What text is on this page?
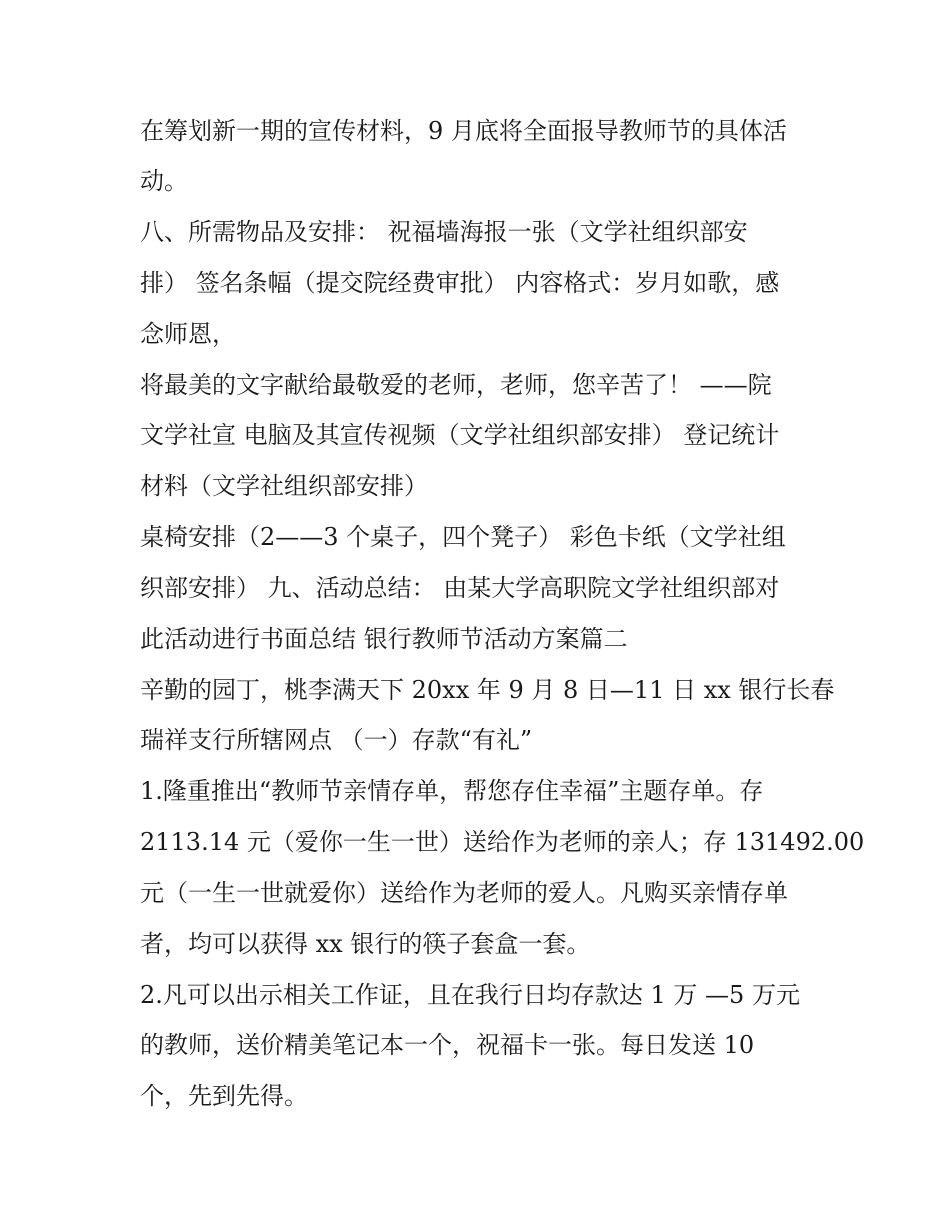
在筹划新一期的宣传材料，9 月底将全面报导教师节的具体活
动。
八、所需物品及安排： 祝福墙海报一张（文学社组织部安
排） 签名条幅（提交院经费审批） 内容格式：岁月如歌，感
念师恩，
将最美的文字献给最敬爱的老师，老师，您辛苦了！ ——院
文学社宣 电脑及其宣传视频（文学社组织部安排） 登记统计
材料（文学社组织部安排）
桌椅安排（2——3 个桌子，四个凳子） 彩色卡纸（文学社组
织部安排） 九、活动总结： 由某大学高职院文学社组织部对
此活动进行书面总结 银行教师节活动方案篇二
辛勤的园丁，桃李满天下 20xx 年 9 月 8 日—11 日 xx 银行长春
瑞祥支行所辖网点 （一）存款“有礼”
1.隆重推出“教师节亲情存单，帮您存住幸福”主题存单。存
2113.14 元（爱你一生一世）送给作为老师的亲人；存 131492.00
元（一生一世就爱你）送给作为老师的爱人。凡购买亲情存单
者，均可以获得 xx 银行的筷子套盒一套。
2.凡可以出示相关工作证，且在我行日均存款达 1 万 —5 万元
的教师，送价精美笔记本一个，祝福卡一张。每日发送 10
个，先到先得。
